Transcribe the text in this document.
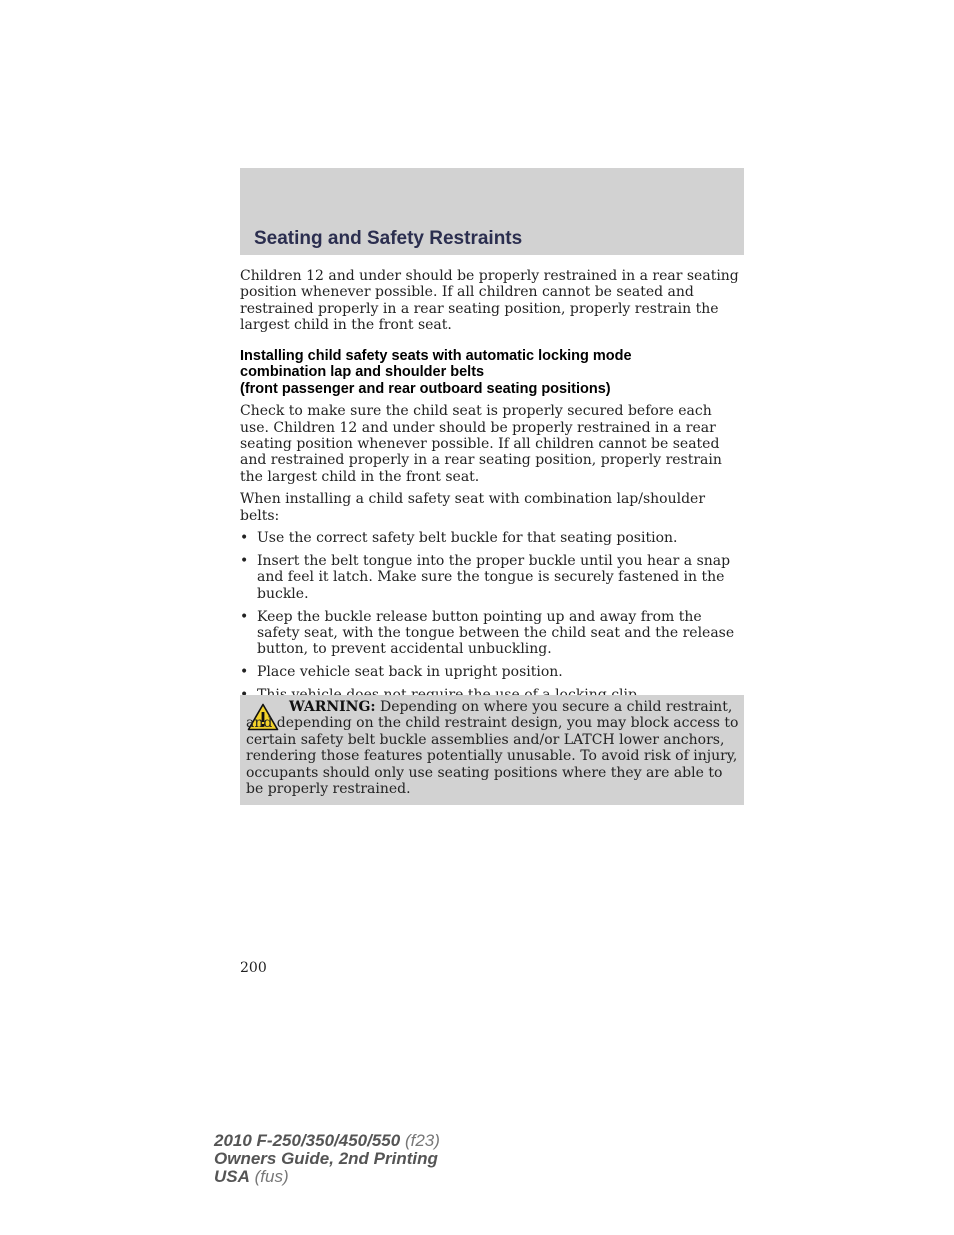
Seating and Safety Restraints

Children 12 and under should be properly restrained in a rear seating position whenever possible. If all children cannot be seated and restrained properly in a rear seating position, properly restrain the largest child in the front seat.

Installing child safety seats with automatic locking mode
combination lap and shoulder belts
(front passenger and rear outboard seating positions)

Check to make sure the child seat is properly secured before each use. Children 12 and under should be properly restrained in a rear seating position whenever possible. If all children cannot be seated and restrained properly in a rear seating position, properly restrain the largest child in the front seat.

When installing a child safety seat with combination lap/shoulder belts:

• Use the correct safety belt buckle for that seating position.
• Insert the belt tongue into the proper buckle until you hear a snap and feel it latch. Make sure the tongue is securely fastened in the buckle.
• Keep the buckle release button pointing up and away from the safety seat, with the tongue between the child seat and the release button, to prevent accidental unbuckling.
• Place vehicle seat back in upright position.
WARNING: Depending on where you secure a child restraint, and depending on the child restraint design, you may block access to certain safety belt buckle assemblies and/or LATCH lower anchors, rendering those features potentially unusable. To avoid risk of injury, occupants should only use seating positions where they are able to be properly restrained.
200
2010 F-250/350/450/550 (f23)
Owners Guide, 2nd Printing
USA (fus)
